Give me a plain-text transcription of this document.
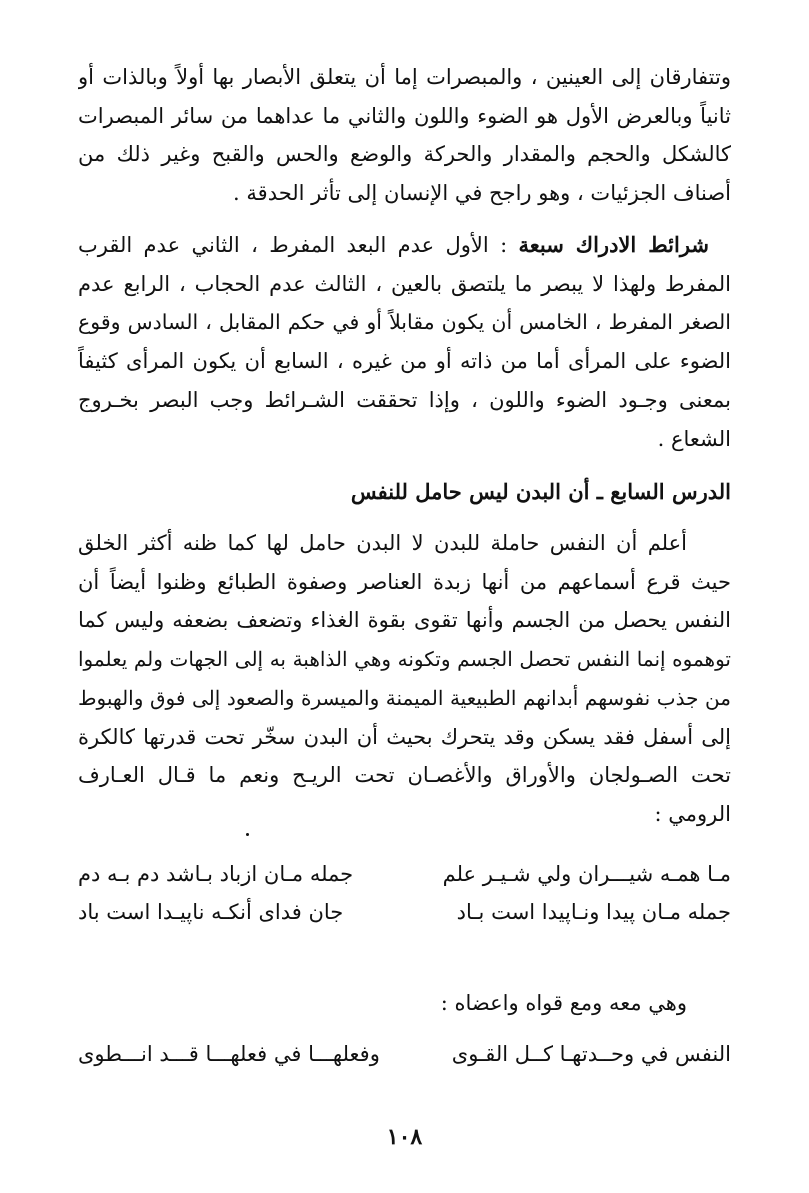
وتتفارقان إلى العينين ، والمبصرات إما أن يتعلق الأبصار بها أولاً وبالذات أو
ثانياً وبالعرض الأول هو الضوء واللون والثاني ما عداهما من سائر المبصرات
كالشكل والحجم والمقدار والحركة والوضع والحس والقبح وغير ذلك من
أصناف الجزئيات ، وهو راجح في الإنسان إلى تأثر الحدقة .
شرائط الادراك سبعة : الأول عدم البعد المفرط ، الثاني عدم القرب
المفرط ولهذا لا يبصر ما يلتصق بالعين ، الثالث عدم الحجاب ، الرابع عدم
الصغر المفرط ، الخامس أن يكون مقابلاً أو في حكم المقابل ، السادس وقوع
الضوء على المرأى أما من ذاته أو من غيره ، السابع أن يكون المرأى كثيفاً
بمعنى وجـود الضوء واللون ، وإذا تحققت الشـرائط وجب البصر بخـروج
الشعاع .
الدرس السابع ـ أن البدن ليس حامل للنفس
أعلم أن النفس حاملة للبدن لا البدن حامل لها كما ظنه أكثر الخلق
حيث قرع أسماعهم من أنها زبدة العناصر وصفوة الطبائع وظنوا أيضاً أن
النفس يحصل من الجسم وأنها تقوى بقوة الغذاء وتضعف بضعفه وليس كما
توهموه إنما النفس تحصل الجسم وتكونه وهي الذاهبة به إلى الجهات ولم يعلموا
من جذب نفوسهم أبدانهم الطبيعية الميمنة والميسرة والصعود إلى فوق والهبوط
إلى أسفل فقد يسكن وقد يتحرك بحيث أن البدن سخّر تحت قدرتها كالكرة
تحت الصـولجان والأوراق والأغصـان تحت الريـح ونعم ما قـال العـارف
الرومي :
مـا همـه شيـــران ولي شـيـر علم
جمله مـان ازباد بـاشد دم بـه دم
جمله مـان پيدا ونـاپيدا است بـاد
جان فداى أنكـه ناپيـدا است باد
وهي معه ومع قواه واعضاه :
النفس في وحــدتهـا كــل القـوى
وفعلهـــا في فعلهـــا قـــد انـــطوى
١٠٨
